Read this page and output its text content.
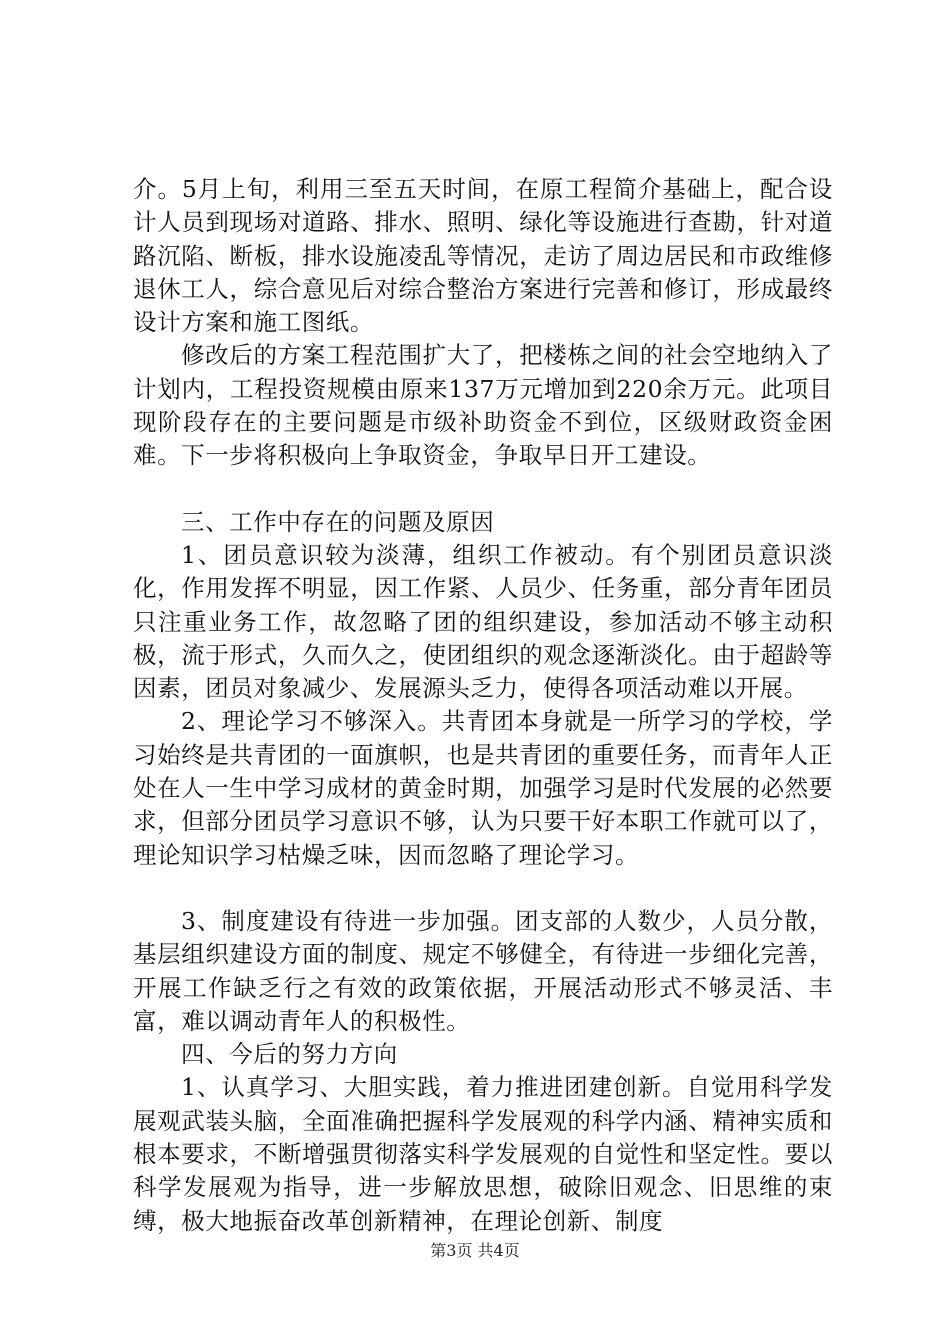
介。5月上旬，利用三至五天时间，在原工程简介基础上，配合设计人员到现场对道路、排水、照明、绿化等设施进行查勘，针对道路沉陷、断板，排水设施凌乱等情况，走访了周边居民和市政维修退休工人，综合意见后对综合整治方案进行完善和修订，形成最终设计方案和施工图纸。

修改后的方案工程范围扩大了，把楼栋之间的社会空地纳入了计划内，工程投资规模由原来137万元增加到220余万元。此项目现阶段存在的主要问题是市级补助资金不到位，区级财政资金困难。下一步将积极向上争取资金，争取早日开工建设。

三、工作中存在的问题及原因

1、团员意识较为淡薄，组织工作被动。有个别团员意识淡化，作用发挥不明显，因工作紧、人员少、任务重，部分青年团员只注重业务工作，故忽略了团的组织建设，参加活动不够主动积极，流于形式，久而久之，使团组织的观念逐渐淡化。由于超龄等因素，团员对象减少、发展源头乏力，使得各项活动难以开展。

2、理论学习不够深入。共青团本身就是一所学习的学校，学习始终是共青团的一面旗帜，也是共青团的重要任务，而青年人正处在人一生中学习成材的黄金时期，加强学习是时代发展的必然要求，但部分团员学习意识不够，认为只要干好本职工作就可以了，理论知识学习枯燥乏味，因而忽略了理论学习。

3、制度建设有待进一步加强。团支部的人数少，人员分散，基层组织建设方面的制度、规定不够健全，有待进一步细化完善，开展工作缺乏行之有效的政策依据，开展活动形式不够灵活、丰富，难以调动青年人的积极性。

四、今后的努力方向

1、认真学习、大胆实践，着力推进团建创新。自觉用科学发展观武装头脑，全面准确把握科学发展观的科学内涵、精神实质和根本要求，不断增强贯彻落实科学发展观的自觉性和坚定性。要以科学发展观为指导，进一步解放思想，破除旧观念、旧思维的束缚，极大地振奋改革创新精神，在理论创新、制度

第3页 共4页
